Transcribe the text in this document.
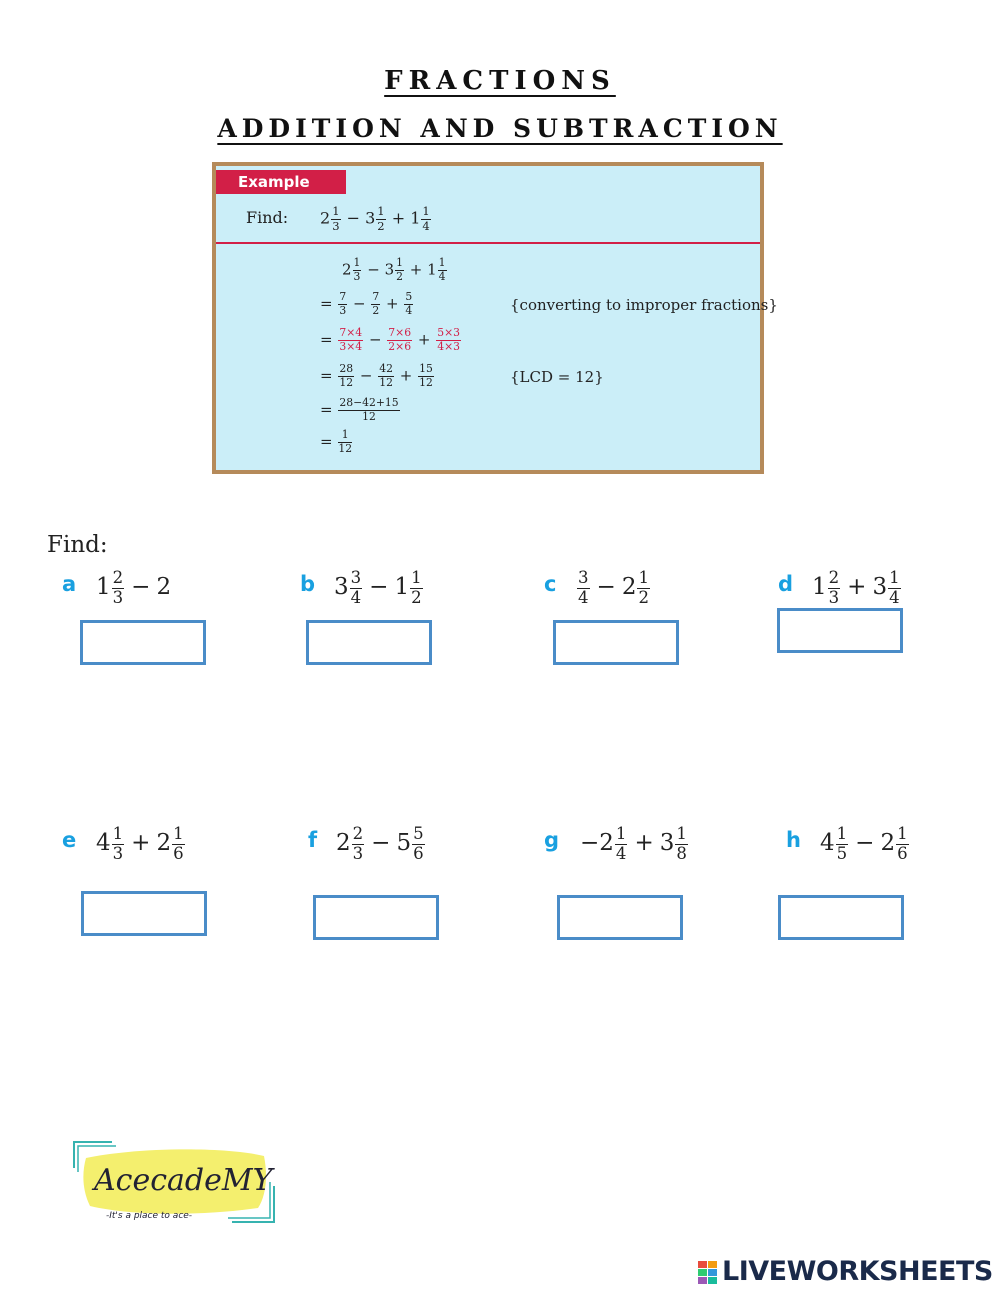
FRACTIONS
ADDITION AND SUBTRACTION
Example
Find: $2 \frac{1}{3} - 3 \frac{1}{2} + 1 \frac{1}{4}$
$2 \frac{1}{3} - 3 \frac{1}{2} + 1 \frac{1}{4}$
= $\frac{7}{3} - \frac{7}{2} + \frac{5}{4}$	{converting to improper fractions}
= $\frac{7\times 4}{3\times 4} - \frac{7\times 6}{2\times 6} + \frac{5\times 3}{4\times 3}$
= $\frac{28}{12} - \frac{42}{12} + \frac{15}{12}$	{LCD = 12}
= $\frac{28-42+15}{12}$
= $\frac{1}{12}$
Find:
a $1 \frac{2}{3} - 2$	b $3 \frac{3}{4} - 1 \frac{1}{2}$	c $\frac{3}{4} - 2 \frac{1}{2}$	d $1 \frac{2}{3} + 3 \frac{1}{4}$
e $4 \frac{1}{3} + 2 \frac{1}{6}$	f $2 \frac{2}{3} - 5 \frac{5}{6}$	$g -2 \frac{1}{4} + 3 \frac{1}{8}$	h $4 \frac{1}{5} - 2 \frac{1}{6}$
AcecadeMY
-It's a place to ace-
LIVEWORKSHEETS
